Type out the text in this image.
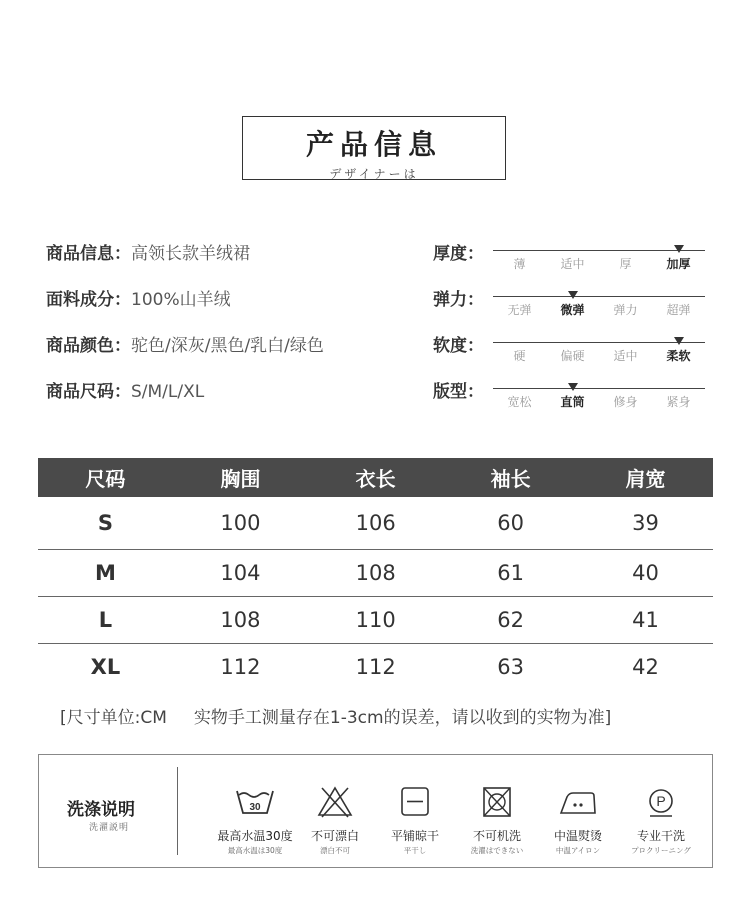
产品信息
デザイナーは
商品信息：高领长款羊绒裙
面料成分：100%山羊绒
商品颜色：驼色/深灰/黑色/乳白/绿色
商品尺码：S/M/L/XL
厚度：	薄	适中	厚	加厚
弹力：	无弹	微弹	弹力	超弹
软度：	硬	偏硬	适中	柔软
版型：	宽松	直筒	修身	紧身
尺码	胸围	衣长	袖长	肩宽
S	100	106	60	39
M	104	108	61	40
L	108	110	62	41
XL	112	112	63	42
[尺寸单位:CM     实物手工测量存在1-3cm的误差，请以收到的实物为准]
洗涤说明
洗濯説明
30
最高水温30度
最高水温は30度
不可漂白
漂白不可
平铺晾干
平干し
不可机洗
洗濯はできない
中温熨烫
中温アイロン
P
专业干洗
プロクリーニング
